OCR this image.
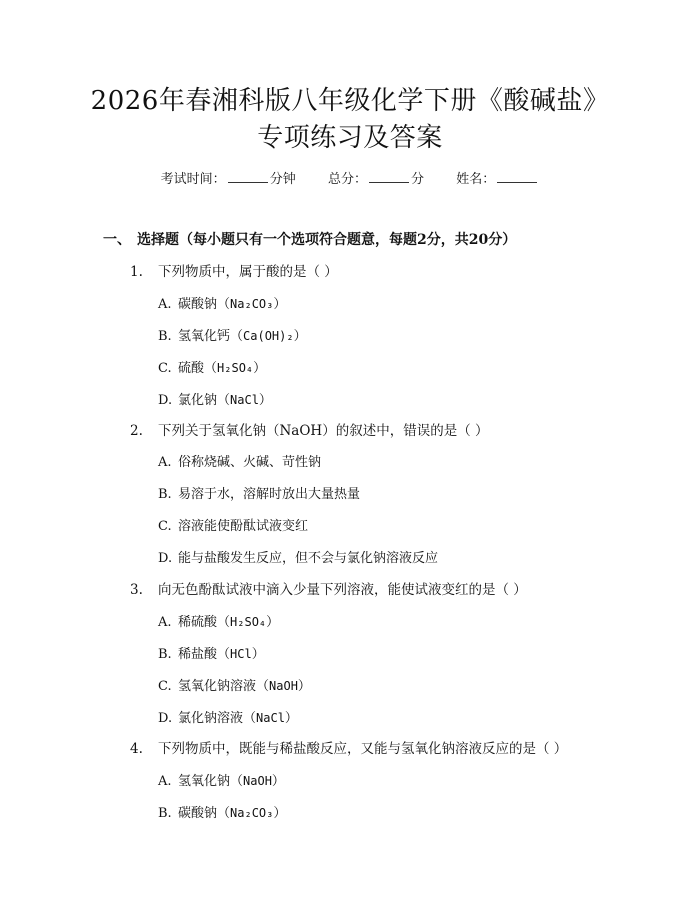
2026年春湘科版八年级化学下册《酸碱盐》
专项练习及答案
考试时间：	分钟 总分：	分 姓名：
一、 选择题（每小题只有一个选项符合题意，每题2分，共20分）
1. 下列物质中，属于酸的是（ ）
A. 碳酸钠（Na₂CO₃）
B. 氢氧化钙（Ca(OH)₂）
C. 硫酸（H₂SO₄）
D. 氯化钠（NaCl）
2. 下列关于氢氧化钠（NaOH）的叙述中，错误的是（ ）
A. 俗称烧碱、火碱、苛性钠
B. 易溶于水，溶解时放出大量热量
C. 溶液能使酚酞试液变红
D. 能与盐酸发生反应，但不会与氯化钠溶液反应
3. 向无色酚酞试液中滴入少量下列溶液，能使试液变红的是（ ）
A. 稀硫酸（H₂SO₄）
B. 稀盐酸（HCl）
C. 氢氧化钠溶液（NaOH）
D. 氯化钠溶液（NaCl）
4. 下列物质中，既能与稀盐酸反应，又能与氢氧化钠溶液反应的是（ ）
A. 氢氧化钠（NaOH）
B. 碳酸钠（Na₂CO₃）
